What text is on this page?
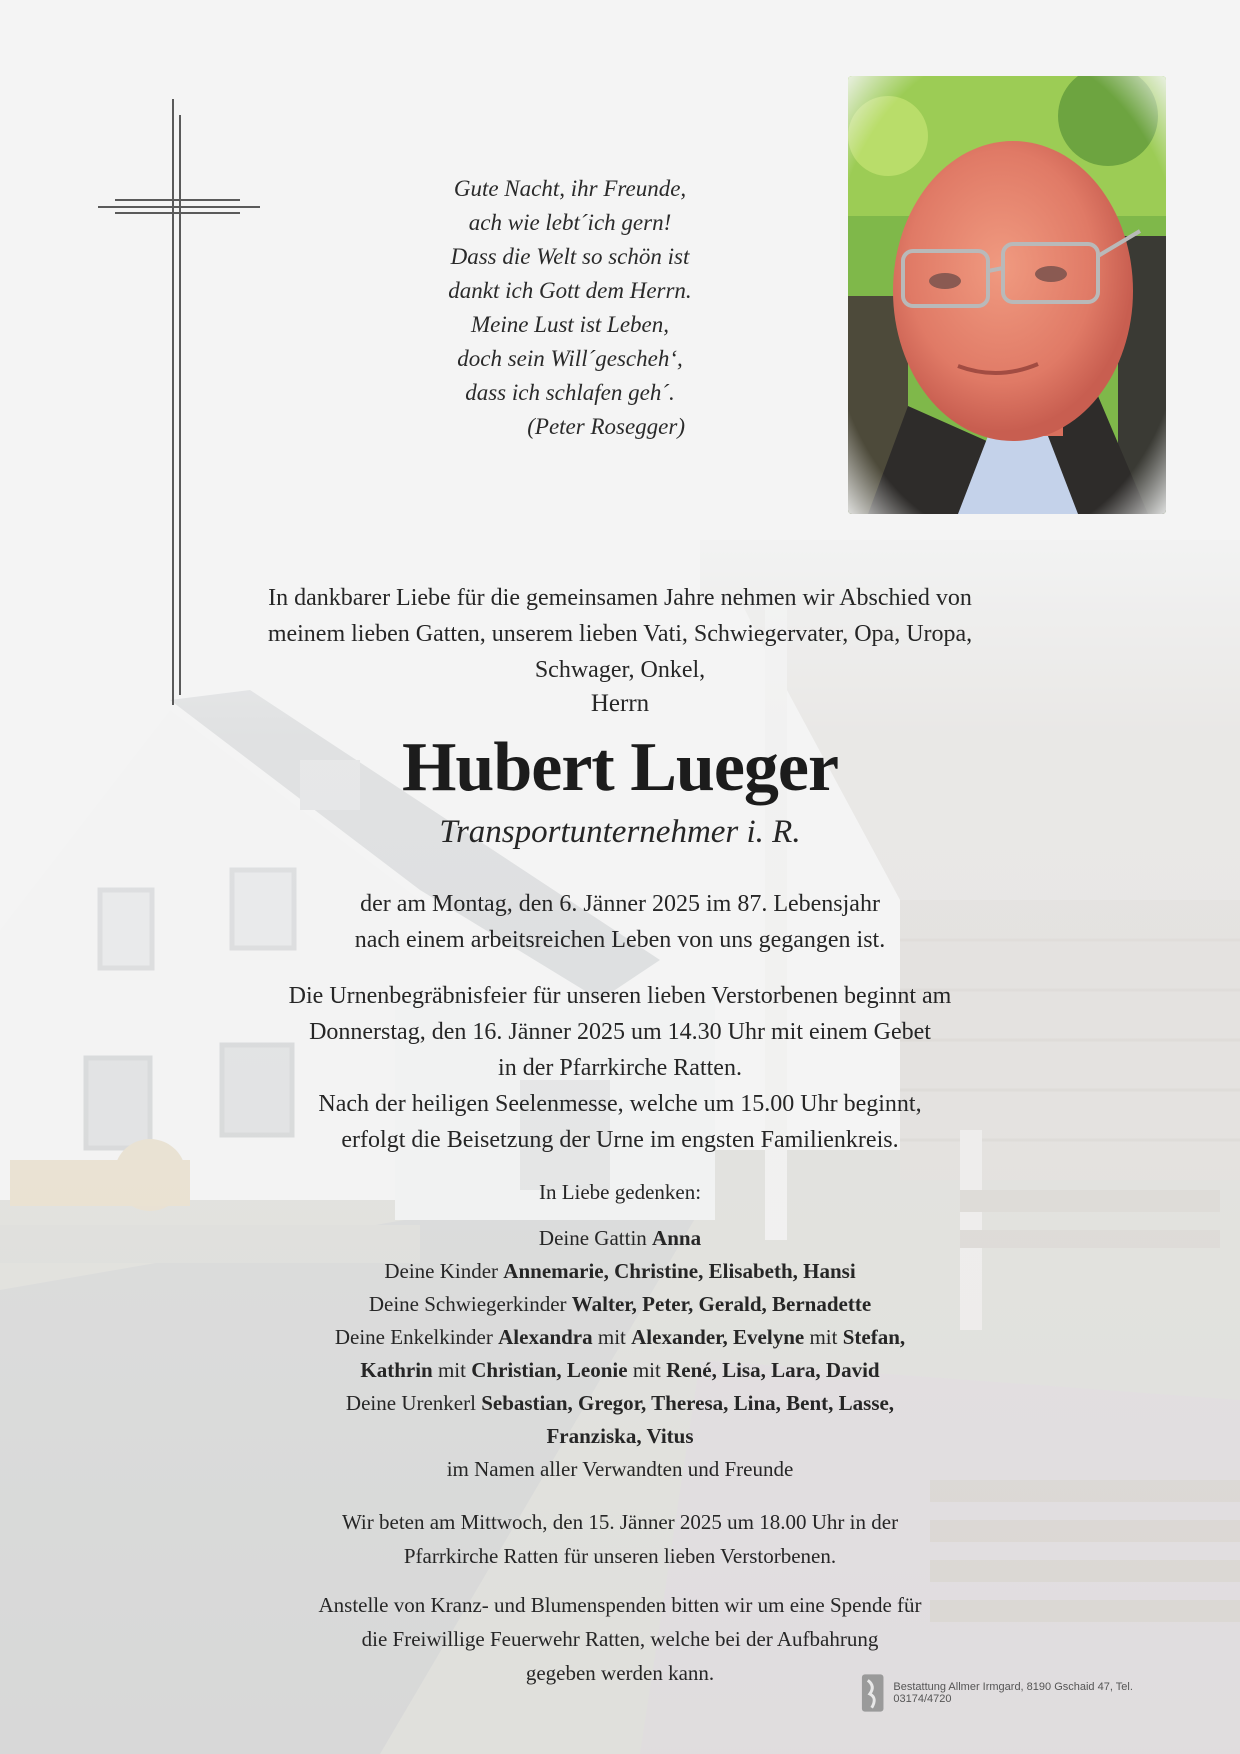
Gute Nacht, ihr Freunde,
ach wie lebt´ich gern!
Dass die Welt so schön ist
dankt ich Gott dem Herrn.
Meine Lust ist Leben,
doch sein Will´gescheh‘,
dass ich schlafen geh´.
(Peter Rosegger)
In dankbarer Liebe für die gemeinsamen Jahre nehmen wir Abschied von
meinem lieben Gatten, unserem lieben Vati, Schwiegervater, Opa, Uropa,
Schwager, Onkel,
Herrn
Hubert Lueger
Transportunternehmer i. R.
der am Montag, den 6. Jänner 2025 im 87. Lebensjahr
nach einem arbeitsreichen Leben von uns gegangen ist.
Die Urnenbegräbnisfeier für unseren lieben Verstorbenen beginnt am
Donnerstag, den 16. Jänner 2025 um 14.30 Uhr mit einem Gebet
in der Pfarrkirche Ratten.
Nach der heiligen Seelenmesse, welche um 15.00 Uhr beginnt,
erfolgt die Beisetzung der Urne im engsten Familienkreis.
In Liebe gedenken:
Deine Gattin Anna
Deine Kinder Annemarie, Christine, Elisabeth, Hansi
Deine Schwiegerkinder Walter, Peter, Gerald, Bernadette
Deine Enkelkinder Alexandra mit Alexander, Evelyne mit Stefan,
Kathrin mit Christian, Leonie mit René, Lisa, Lara, David
Deine Urenkerl Sebastian, Gregor, Theresa, Lina, Bent, Lasse,
Franziska, Vitus
im Namen aller Verwandten und Freunde
Wir beten am Mittwoch, den 15. Jänner 2025 um 18.00 Uhr in der
Pfarrkirche Ratten für unseren lieben Verstorbenen.
Anstelle von Kranz- und Blumenspenden bitten wir um eine Spende für
die Freiwillige Feuerwehr Ratten, welche bei der Aufbahrung
gegeben werden kann.
Bestattung Allmer Irmgard, 8190 Gschaid 47, Tel. 03174/4720
